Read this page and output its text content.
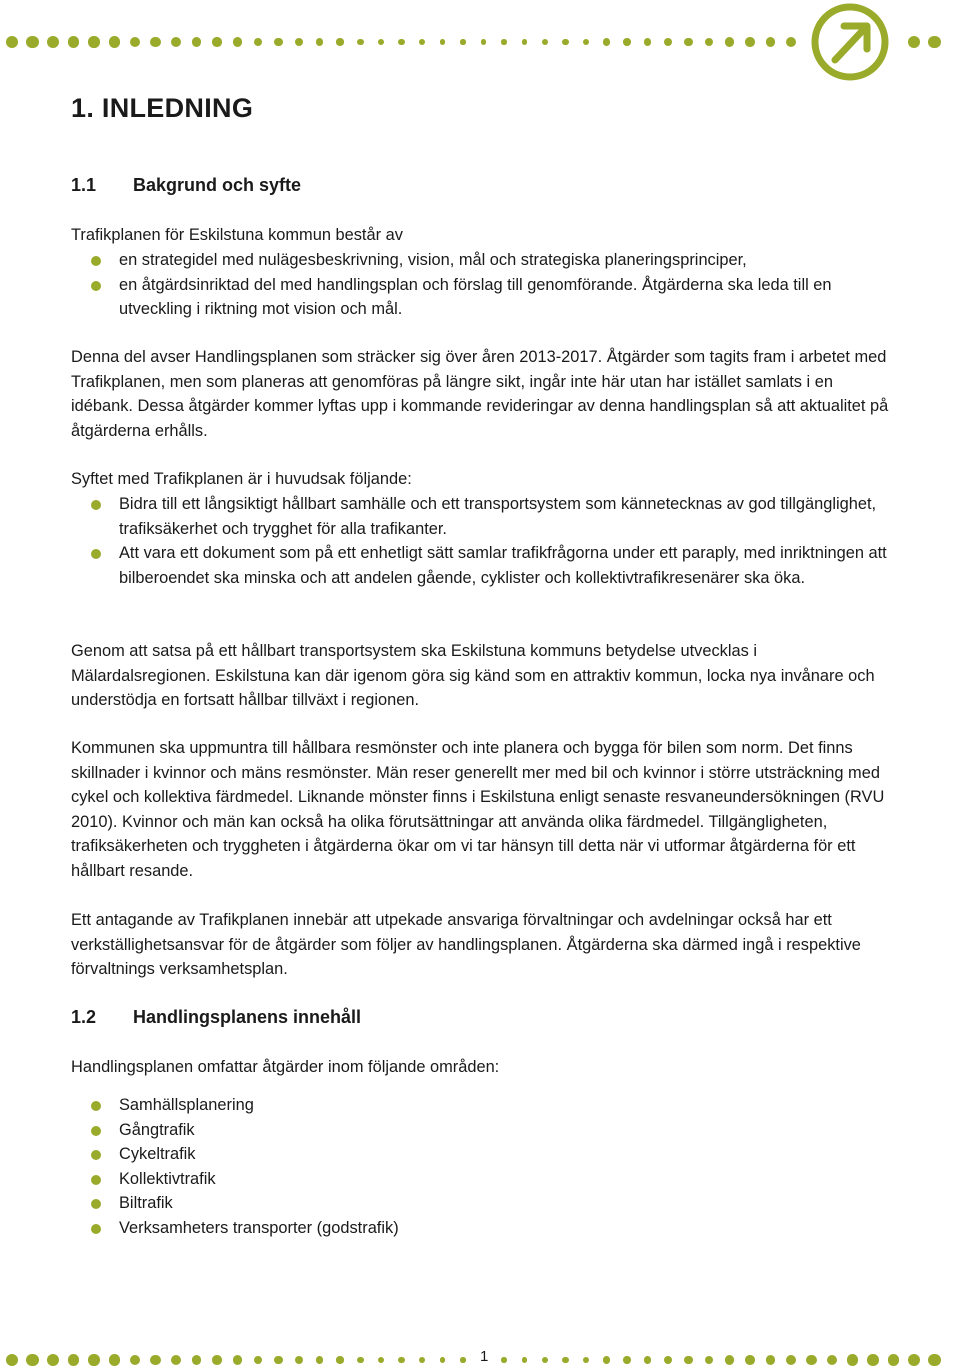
1. INLEDNING
1.1 Bakgrund och syfte

Trafikplanen för Eskilstuna kommun består av

en strategidel med nulägesbeskrivning, vision, mål och strategiska planeringsprinciper,
en åtgärdsinriktad del med handlingsplan och förslag till genomförande. Åtgärderna ska leda till en utveckling i riktning mot vision och mål.

Denna del avser Handlingsplanen som sträcker sig över åren 2013-2017. Åtgärder som tagits fram i arbetet med Trafikplanen, men som planeras att genomföras på längre sikt, ingår inte här utan har istället samlats i en idébank. Dessa åtgärder kommer lyftas upp i kommande revideringar av denna handlingsplan så att aktualitet på åtgärderna erhålls.

Syftet med Trafikplanen är i huvudsak följande:

Bidra till ett långsiktigt hållbart samhälle och ett transportsystem som kännetecknas av god tillgänglighet, trafiksäkerhet och trygghet för alla trafikanter.
Att vara ett dokument som på ett enhetligt sätt samlar trafikfrågorna under ett paraply, med inriktningen att bilberoendet ska minska och att andelen gående, cyklister och kollektivtrafikresenärer ska öka.

Genom att satsa på ett hållbart transportsystem ska Eskilstuna kommuns betydelse utvecklas i Mälardalsregionen. Eskilstuna kan där igenom göra sig känd som en attraktiv kommun, locka nya invånare och understödja en fortsatt hållbar tillväxt i regionen.

Kommunen ska uppmuntra till hållbara resmönster och inte planera och bygga för bilen som norm. Det finns skillnader i kvinnor och mäns resmönster. Män reser generellt mer med bil och kvinnor i större utsträckning med cykel och kollektiva färdmedel. Liknande mönster finns i Eskilstuna enligt senaste resvaneundersökningen (RVU 2010). Kvinnor och män kan också ha olika förutsättningar att använda olika färdmedel. Tillgängligheten, trafiksäkerheten och tryggheten i åtgärderna ökar om vi tar hänsyn till detta när vi utformar åtgärderna för ett hållbart resande.

Ett antagande av Trafikplanen innebär att utpekade ansvariga förvaltningar och avdelningar också har ett verkställighetsansvar för de åtgärder som följer av handlingsplanen. Åtgärderna ska därmed ingå i respektive förvaltnings verksamhetsplan.

1.2 Handlingsplanens innehåll

Handlingsplanen omfattar åtgärder inom följande områden:

Samhällsplanering
Gångtrafik
Cykeltrafik
Kollektivtrafik
Biltrafik
Verksamheters transporter (godstrafik)
1
